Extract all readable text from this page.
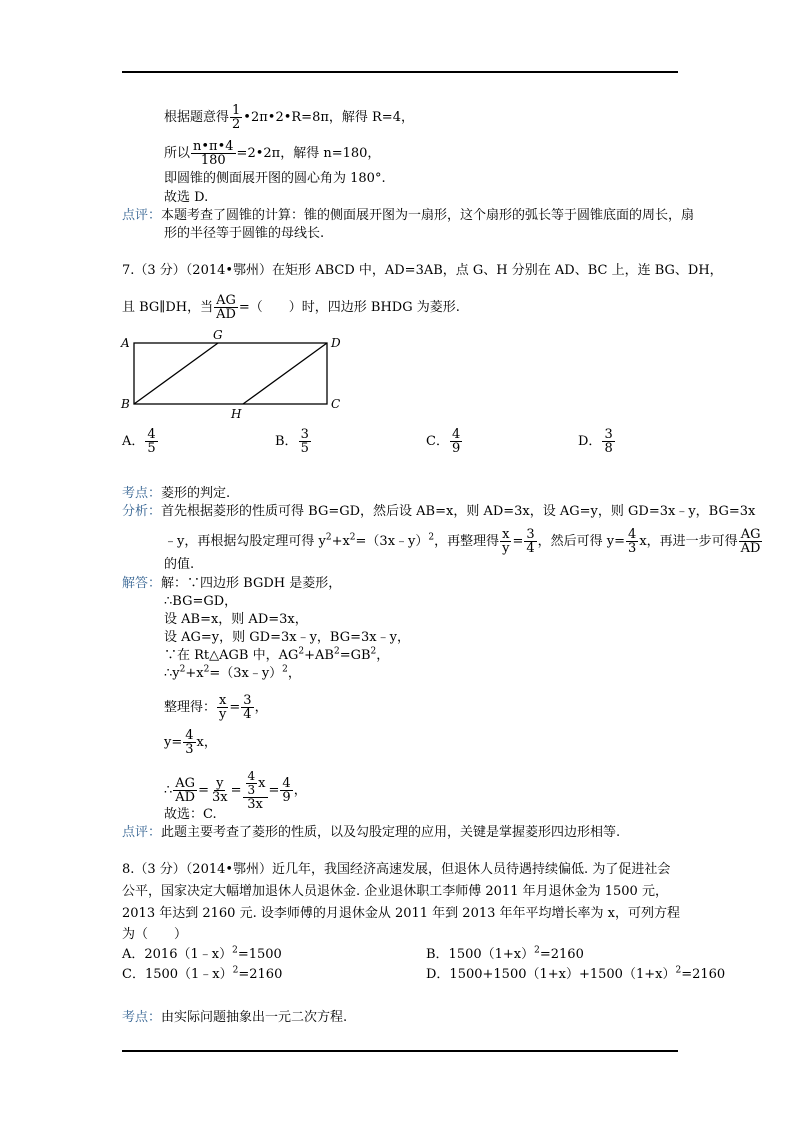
根据题意得 $\frac{1}{2}$ •2π•2•R=8π，解得 R=4，
所以 $\frac{n•\pi•4}{180}$ =2•2π，解得 n=180，
即圆锥的侧面展开图的圆心角为 180°.
故选 D.
点评：本题考查了圆锥的计算：锥的侧面展开图为一扇形，这个扇形的弧长等于圆锥底面的周长，扇
形的半径等于圆锥的母线长.
7.（3 分）（2014•鄂州）在矩形 ABCD 中，AD=3AB，点 G、H 分别在 AD、BC 上，连 BG、DH，
且 BG∥DH，当 $\frac{AG}{AD}$ =（　　）时，四边形 BHDG 为菱形.
A
B	C
D
G
H
A． $\frac{4}{5}$	B． $\frac{3}{5}$	C． $\frac{4}{9}$	D． $\frac{3}{8}$
考点：菱形的判定.
分析：首先根据菱形的性质可得 BG=GD，然后设 AB=x，则 AD=3x，设 AG=y，则 GD=3x﹣y，BG=3x
﹣y，再根据勾股定理可得 $y^2+x^2=(3x﹣y)^2$，再整理得 $\frac{x}{y} = \frac{3}{4}$ ，然后可得 $y= \frac{4}{3}$ x，再进一步可得 $\frac{AG}{AD}$
的值.
解答：解：∵四边形 BGDH 是菱形，
∴BG=GD，
设 AB=x，则 AD=3x，
设 AG=y，则 GD=3x﹣y，BG=3x﹣y，
∵在 Rt△AGB 中，$AG^2+AB^2=GB^2$，
$\therefore y^2+x^2=(3x﹣y)^2$，
整理得： $\frac{x}{y} = \frac{3}{4}$ ，
$y= \frac{4}{3}$ x，
∴ $\frac{AG}{AD} = \frac{y}{3x} = \frac{\frac{4}{3} x}{3x} = \frac{4}{9}$ ，
故选：C.
点评：此题主要考查了菱形的性质，以及勾股定理的应用，关键是掌握菱形四边形相等.
8.（3 分）（2014•鄂州）近几年，我国经济高速发展，但退休人员待遇持续偏低. 为了促进社会
公平，国家决定大幅增加退休人员退休金. 企业退休职工李师傅 2011 年月退休金为 1500 元，
2013 年达到 2160 元. 设李师傅的月退休金从 2011 年到 2013 年年平均增长率为 x，可列方程
为（　　）
A．2016（1﹣x）$^2$=1500	B．$1500(1+x)^2=2160$
C．1500（1﹣x）$^2$=2160	D．$1500+1500(1+x)+1500(1+x)^2=2160$
考点：由实际问题抽象出一元二次方程.
